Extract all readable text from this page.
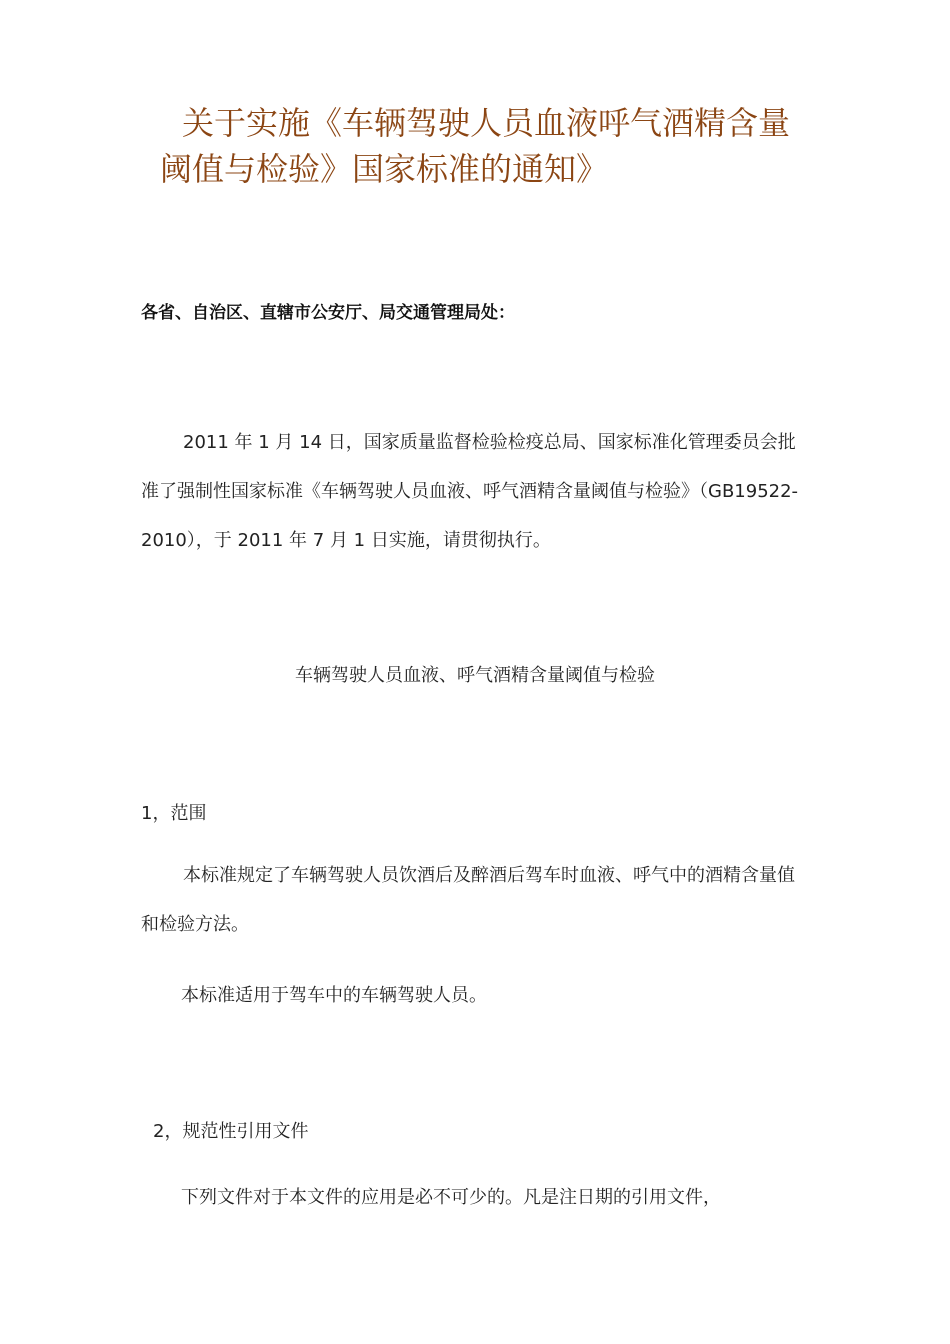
关于实施《车辆驾驶人员血液呼气酒精含量阈值与检验》国家标准的通知》

各省、自治区、直辖市公安厅、局交通管理局处：

2011 年 1 月 14 日，国家质量监督检验检疫总局、国家标准化管理委员会批准了强制性国家标准《车辆驾驶人员血液、呼气酒精含量阈值与检验》（GB19522-2010），于 2011 年 7 月 1 日实施，请贯彻执行。

车辆驾驶人员血液、呼气酒精含量阈值与检验

1，范围

本标准规定了车辆驾驶人员饮酒后及醉酒后驾车时血液、呼气中的酒精含量值和检验方法。

本标准适用于驾车中的车辆驾驶人员。

2，规范性引用文件

下列文件对于本文件的应用是必不可少的。凡是注日期的引用文件，
